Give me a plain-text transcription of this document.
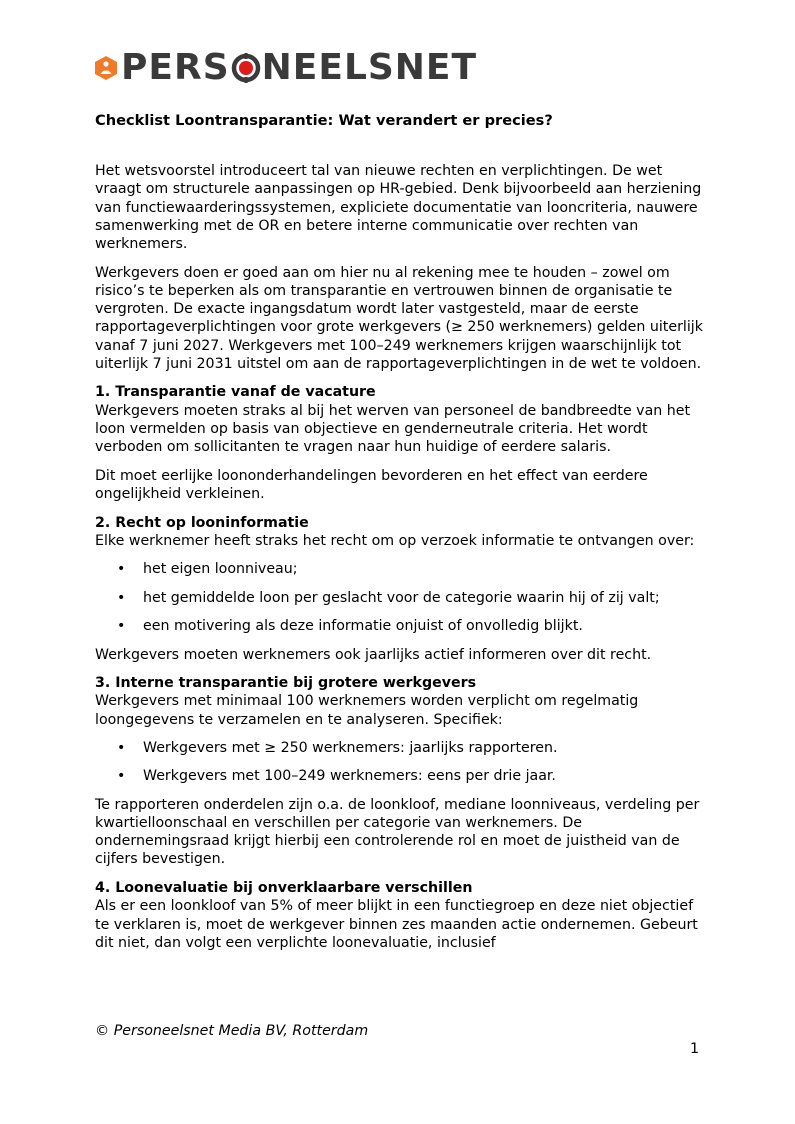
PERS NEELSNET
Checklist Loontransparantie: Wat verandert er precies?

Het wetsvoorstel introduceert tal van nieuwe rechten en verplichtingen. De wet vraagt om structurele aanpassingen op HR-gebied. Denk bijvoorbeeld aan herziening van functiewaarderingssystemen, expliciete documentatie van looncriteria, nauwere samenwerking met de OR en betere interne communicatie over rechten van werknemers.

Werkgevers doen er goed aan om hier nu al rekening mee te houden – zowel om risico’s te beperken als om transparantie en vertrouwen binnen de organisatie te vergroten. De exacte ingangsdatum wordt later vastgesteld, maar de eerste rapportageverplichtingen voor grote werkgevers (≥ 250 werknemers) gelden uiterlijk vanaf 7 juni 2027. Werkgevers met 100–249 werknemers krijgen waarschijnlijk tot uiterlijk 7 juni 2031 uitstel om aan de rapportageverplichtingen in de wet te voldoen.

1. Transparantie vanaf de vacature

Werkgevers moeten straks al bij het werven van personeel de bandbreedte van het loon vermelden op basis van objectieve en genderneutrale criteria. Het wordt verboden om sollicitanten te vragen naar hun huidige of eerdere salaris.

Dit moet eerlijke loononderhandelingen bevorderen en het effect van eerdere ongelijkheid verkleinen.

2. Recht op looninformatie

Elke werknemer heeft straks het recht om op verzoek informatie te ontvangen over:

• het eigen loonniveau;
• het gemiddelde loon per geslacht voor de categorie waarin hij of zij valt;
• een motivering als deze informatie onjuist of onvolledig blijkt.

Werkgevers moeten werknemers ook jaarlijks actief informeren over dit recht.

3. Interne transparantie bij grotere werkgevers

Werkgevers met minimaal 100 werknemers worden verplicht om regelmatig loongegevens te verzamelen en te analyseren. Specifiek:

• Werkgevers met ≥ 250 werknemers: jaarlijks rapporteren.
• Werkgevers met 100–249 werknemers: eens per drie jaar.

Te rapporteren onderdelen zijn o.a. de loonkloof, mediane loonniveaus, verdeling per kwartielloonschaal en verschillen per categorie van werknemers. De ondernemingsraad krijgt hierbij een controlerende rol en moet de juistheid van de cijfers bevestigen.

4. Loonevaluatie bij onverklaarbare verschillen

Als er een loonkloof van 5% of meer blijkt in een functiegroep en deze niet objectief te verklaren is, moet de werkgever binnen zes maanden actie ondernemen. Gebeurt dit niet, dan volgt een verplichte loonevaluatie, inclusief

© Personeelsnet Media BV, Rotterdam
1
